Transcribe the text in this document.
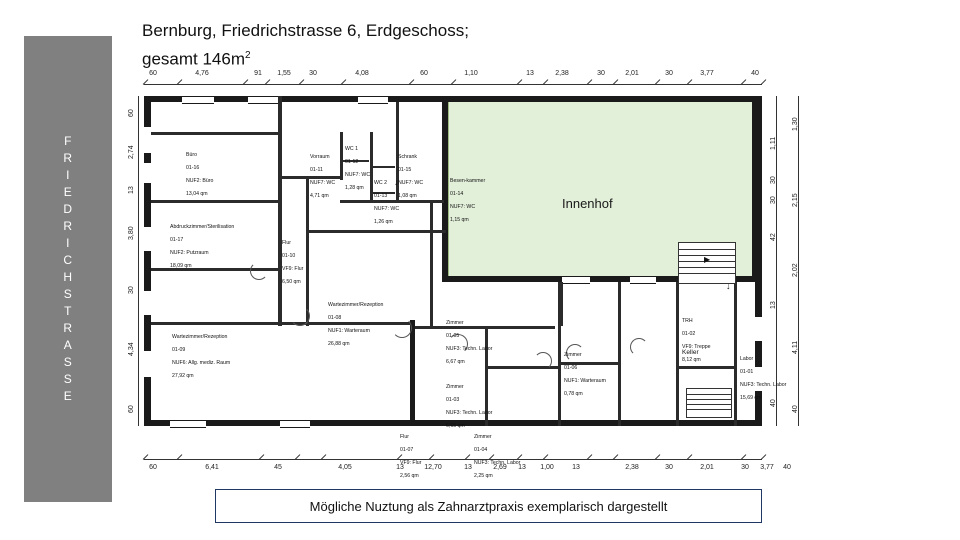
F
R
I
E
D
R
I
C
H
S
T
R
A
S
S
E
Bernburg, Friedrichstrasse 6, Erdgeschoss;
gesamt $146m^2$
60	4,76	91	1,55	30	4,08	60	1,10	13	2,38	30	2,01	30	3,77	40
60	6,41	45	4,05	13	12,70	13	2,69	13	1,00	13	2,38	30	2,01	30	3,77	40
60
2,74
13
3,80
30
4,34
60
30
1,11
30
42
13
40
1,30
2,15
2,02
4,11
40
Innenhof
▶
↓
↓

Büro

01-16

NUF2: Büro

13,04 qm

Vorraum

01-11

NUF7: WC

4,71 qm

WC 1

01-12

NUF7: WC

1,28 qm

Schrank

01-15

NUF7: WC

1,08 qm

WC 2

01-13

NUF7: WC

1,26 qm

Besen-kammer

01-14

NUF7: WC

1,15 qm

Abdruckzimmer/Sterilisation

01-17

NUF2: Putzraum

18,09 qm

Flur

01-10

VF9: Flur

6,50 qm

Wartezimmer/Rezeption

01-09

NUF6: Allg. mediz. Raum

27,92 qm

Wartezimmer/Rezeption

01-08

NUF1: Warteraum

26,88 qm

Zimmer

01-05

NUF3: Techn. Labor

6,67 qm

Zimmer

01-03

NUF3: Techn. Labor

6,65 qm

Zimmer

01-06

NUF1: Warteraum

0,78 qm

Flur

01-07

VF9: Flur

2,56 qm

Zimmer

01-04

NUF3: Techn. Labor

2,25 qm

TRH

01-02

VF9: Treppe

8,12 qm

Keller

Labor

01-01

NUF3: Techn. Labor

15,69 qm

Mögliche Nuztung als Zahnarztpraxis exemplarisch dargestellt
